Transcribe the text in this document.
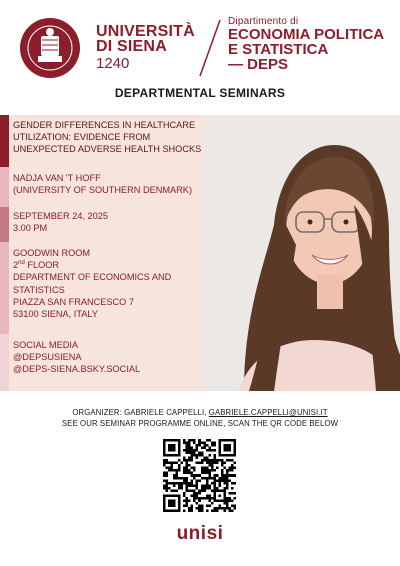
UNIVERSITÀ
DI SIENA
1240
Dipartimento di
ECONOMIA POLITICA
E STATISTICA
— DEPS
DEPARTMENTAL SEMINARS
GENDER DIFFERENCES IN HEALTHCARE UTILIZATION: EVIDENCE FROM UNEXPECTED ADVERSE HEALTH SHOCKS
NADJA VAN 'T HOFF
(UNIVERSITY OF SOUTHERN DENMARK)
SEPTEMBER 24, 2025
3.00 PM
GOODWIN ROOM
2nd FLOOR
DEPARTMENT OF ECONOMICS AND STATISTICS
PIAZZA SAN FRANCESCO 7
53100 SIENA, ITALY
SOCIAL MEDIA
@DEPSUSIENA
@DEPS-SIENA.BSKY.SOCIAL
ORGANIZER: GABRIELE CAPPELLI, GABRIELE.CAPPELLI@UNISI.IT
SEE OUR SEMINAR PROGRAMME ONLINE, SCAN THE QR CODE BELOW
unisi
